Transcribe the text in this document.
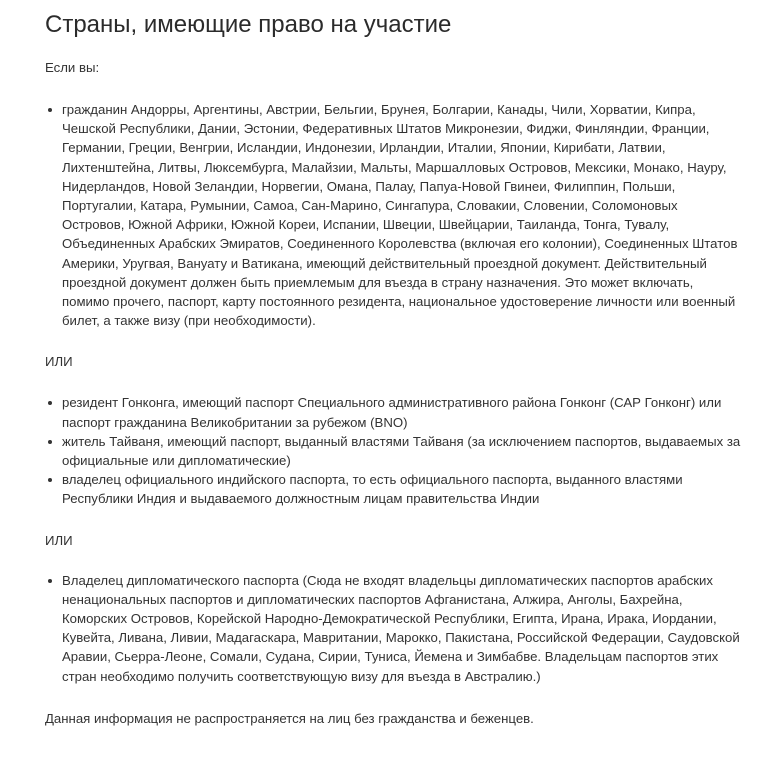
Страны, имеющие право на участие

Если вы:

гражданин Андорры, Аргентины, Австрии, Бельгии, Брунея, Болгарии, Канады, Чили, Хорватии, Кипра, Чешской Республики, Дании, Эстонии, Федеративных Штатов Микронезии, Фиджи, Финляндии, Франции, Германии, Греции, Венгрии, Исландии, Индонезии, Ирландии, Италии, Японии, Кирибати, Латвии, Лихтенштейна, Литвы, Люксембурга, Малайзии, Мальты, Маршалловых Островов, Мексики, Монако, Науру, Нидерландов, Новой Зеландии, Норвегии, Омана, Палау, Папуа-Новой Гвинеи, Филиппин, Польши, Португалии, Катара, Румынии, Самоа, Сан-Марино, Сингапура, Словакии, Словении, Соломоновых Островов, Южной Африки, Южной Кореи, Испании, Швеции, Швейцарии, Таиланда, Тонга, Тувалу, Объединенных Арабских Эмиратов, Соединенного Королевства (включая его колонии), Соединенных Штатов Америки, Уругвая, Вануату и Ватикана, имеющий действительный проездной документ. Действительный проездной документ должен быть приемлемым для въезда в страну назначения. Это может включать, помимо прочего, паспорт, карту постоянного резидента, национальное удостоверение личности или военный билет, а также визу (при необходимости).

ИЛИ

резидент Гонконга, имеющий паспорт Специального административного района Гонконг (САР Гонконг) или паспорт гражданина Великобритании за рубежом (BNO)
житель Тайваня, имеющий паспорт, выданный властями Тайваня (за исключением паспортов, выдаваемых за официальные или дипломатические)
владелец официального индийского паспорта, то есть официального паспорта, выданного властями Республики Индия и выдаваемого должностным лицам правительства Индии

ИЛИ

Владелец дипломатического паспорта (Сюда не входят владельцы дипломатических паспортов арабских ненациональных паспортов и дипломатических паспортов Афганистана, Алжира, Анголы, Бахрейна, Коморских Островов, Корейской Народно-Демократической Республики, Египта, Ирана, Ирака, Иордании, Кувейта, Ливана, Ливии, Мадагаскара, Мавритании, Марокко, Пакистана, Российской Федерации, Саудовской Аравии, Сьерра-Леоне, Сомали, Судана, Сирии, Туниса, Йемена и Зимбабве. Владельцам паспортов этих стран необходимо получить соответствующую визу для въезда в Австралию.)

Данная информация не распространяется на лиц без гражданства и беженцев.
